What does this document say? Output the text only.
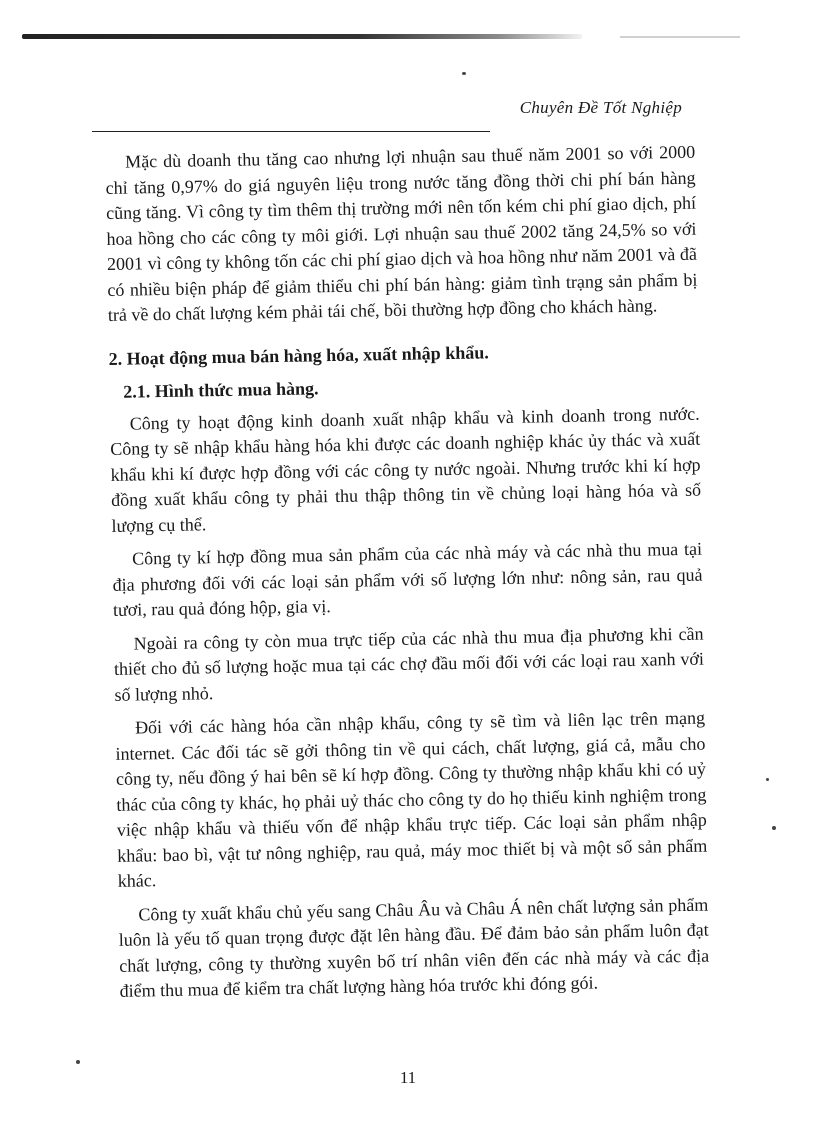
Chuyên Đề Tốt Nghiệp

Mặc dù doanh thu tăng cao nhưng lợi nhuận sau thuế năm 2001 so với 2000 chỉ tăng 0,97% do giá nguyên liệu trong nước tăng đồng thời chi phí bán hàng cũng tăng. Vì công ty tìm thêm thị trường mới nên tốn kém chi phí giao dịch, phí hoa hồng cho các công ty môi giới. Lợi nhuận sau thuế 2002 tăng 24,5% so với 2001 vì công ty không tốn các chi phí giao dịch và hoa hồng như năm 2001 và đã có nhiều biện pháp để giảm thiểu chi phí bán hàng: giảm tình trạng sản phẩm bị trả về do chất lượng kém phải tái chế, bồi thường hợp đồng cho khách hàng.

2. Hoạt động mua bán hàng hóa, xuất nhập khẩu.

2.1. Hình thức mua hàng.

Công ty hoạt động kinh doanh xuất nhập khẩu và kinh doanh trong nước. Công ty sẽ nhập khẩu hàng hóa khi được các doanh nghiệp khác ủy thác và xuất khẩu khi kí được hợp đồng với các công ty nước ngoài. Nhưng trước khi kí hợp đồng xuất khẩu công ty phải thu thập thông tin về chủng loại hàng hóa và số lượng cụ thể.

Công ty kí hợp đồng mua sản phẩm của các nhà máy và các nhà thu mua tại địa phương đối với các loại sản phẩm với số lượng lớn như: nông sản, rau quả tươi, rau quả đóng hộp, gia vị.

Ngoài ra công ty còn mua trực tiếp của các nhà thu mua địa phương khi cần thiết cho đủ số lượng hoặc mua tại các chợ đầu mối đối với các loại rau xanh với số lượng nhỏ.

Đối với các hàng hóa cần nhập khẩu, công ty sẽ tìm và liên lạc trên mạng internet. Các đối tác sẽ gởi thông tin về qui cách, chất lượng, giá cả, mẫu cho công ty, nếu đồng ý hai bên sẽ kí hợp đồng. Công ty thường nhập khẩu khi có uỷ thác của công ty khác, họ phải uỷ thác cho công ty do họ thiếu kinh nghiệm trong việc nhập khẩu và thiếu vốn để nhập khẩu trực tiếp. Các loại sản phẩm nhập khẩu: bao bì, vật tư nông nghiệp, rau quả, máy moc thiết bị và một số sản phẩm khác.

Công ty xuất khẩu chủ yếu sang Châu Âu và Châu Á nên chất lượng sản phẩm luôn là yếu tố quan trọng được đặt lên hàng đầu. Để đảm bảo sản phẩm luôn đạt chất lượng, công ty thường xuyên bố trí nhân viên đến các nhà máy và các địa điểm thu mua để kiểm tra chất lượng hàng hóa trước khi đóng gói.

11
